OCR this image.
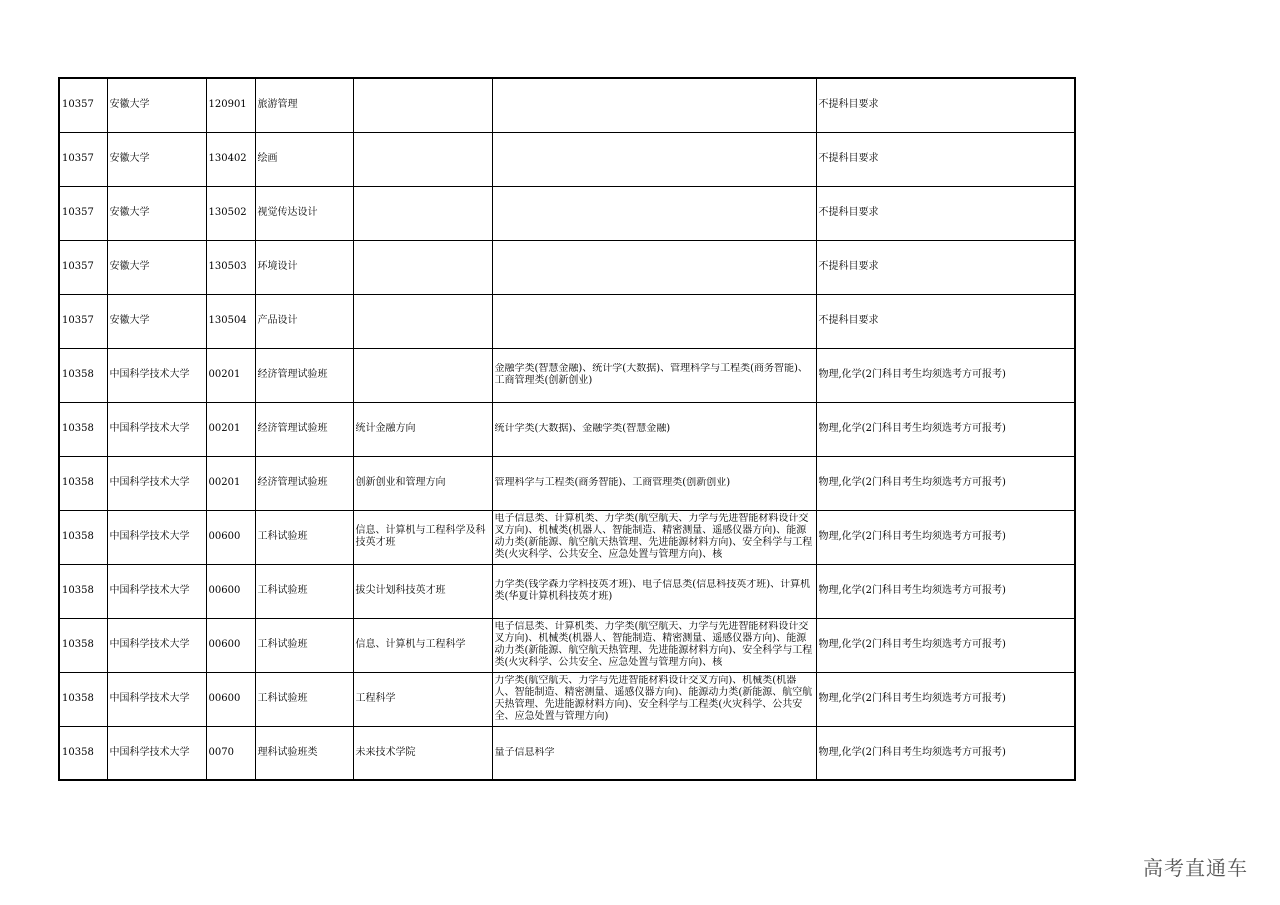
10357	安徽大学	120901	旅游管理			不提科目要求
10357	安徽大学	130402	绘画			不提科目要求
10357	安徽大学	130502	视觉传达设计			不提科目要求
10357	安徽大学	130503	环境设计			不提科目要求
10357	安徽大学	130504	产品设计			不提科目要求
10358	中国科学技术大学	00201	经济管理试验班		金融学类(智慧金融)、统计学(大数据)、管理科学与工程类(商务智能)、工商管理类(创新创业)	物理,化学(2门科目考生均须选考方可报考)
10358	中国科学技术大学	00201	经济管理试验班	统计金融方向	统计学类(大数据)、金融学类(智慧金融)	物理,化学(2门科目考生均须选考方可报考)
10358	中国科学技术大学	00201	经济管理试验班	创新创业和管理方向	管理科学与工程类(商务智能)、工商管理类(创新创业)	物理,化学(2门科目考生均须选考方可报考)
10358	中国科学技术大学	00600	工科试验班	信息、计算机与工程科学及科技英才班	电子信息类、计算机类、力学类(航空航天、力学与先进智能材料设计交叉方向)、机械类(机器人、智能制造、精密测量、遥感仪器方向)、能源动力类(新能源、航空航天热管理、先进能源材料方向)、安全科学与工程类(火灾科学、公共安全、应急处置与管理方向)、核	物理,化学(2门科目考生均须选考方可报考)
10358	中国科学技术大学	00600	工科试验班	拔尖计划科技英才班	力学类(钱学森力学科技英才班)、电子信息类(信息科技英才班)、计算机类(华夏计算机科技英才班)	物理,化学(2门科目考生均须选考方可报考)
10358	中国科学技术大学	00600	工科试验班	信息、计算机与工程科学	电子信息类、计算机类、力学类(航空航天、力学与先进智能材料设计交叉方向)、机械类(机器人、智能制造、精密测量、遥感仪器方向)、能源动力类(新能源、航空航天热管理、先进能源材料方向)、安全科学与工程类(火灾科学、公共安全、应急处置与管理方向)、核	物理,化学(2门科目考生均须选考方可报考)
10358	中国科学技术大学	00600	工科试验班	工程科学	力学类(航空航天、力学与先进智能材料设计交叉方向)、机械类(机器人、智能制造、精密测量、遥感仪器方向)、能源动力类(新能源、航空航天热管理、先进能源材料方向)、安全科学与工程类(火灾科学、公共安全、应急处置与管理方向)	物理,化学(2门科目考生均须选考方可报考)
10358	中国科学技术大学	0070	理科试验班类	未来技术学院	量子信息科学	物理,化学(2门科目考生均须选考方可报考)
高考直通车
